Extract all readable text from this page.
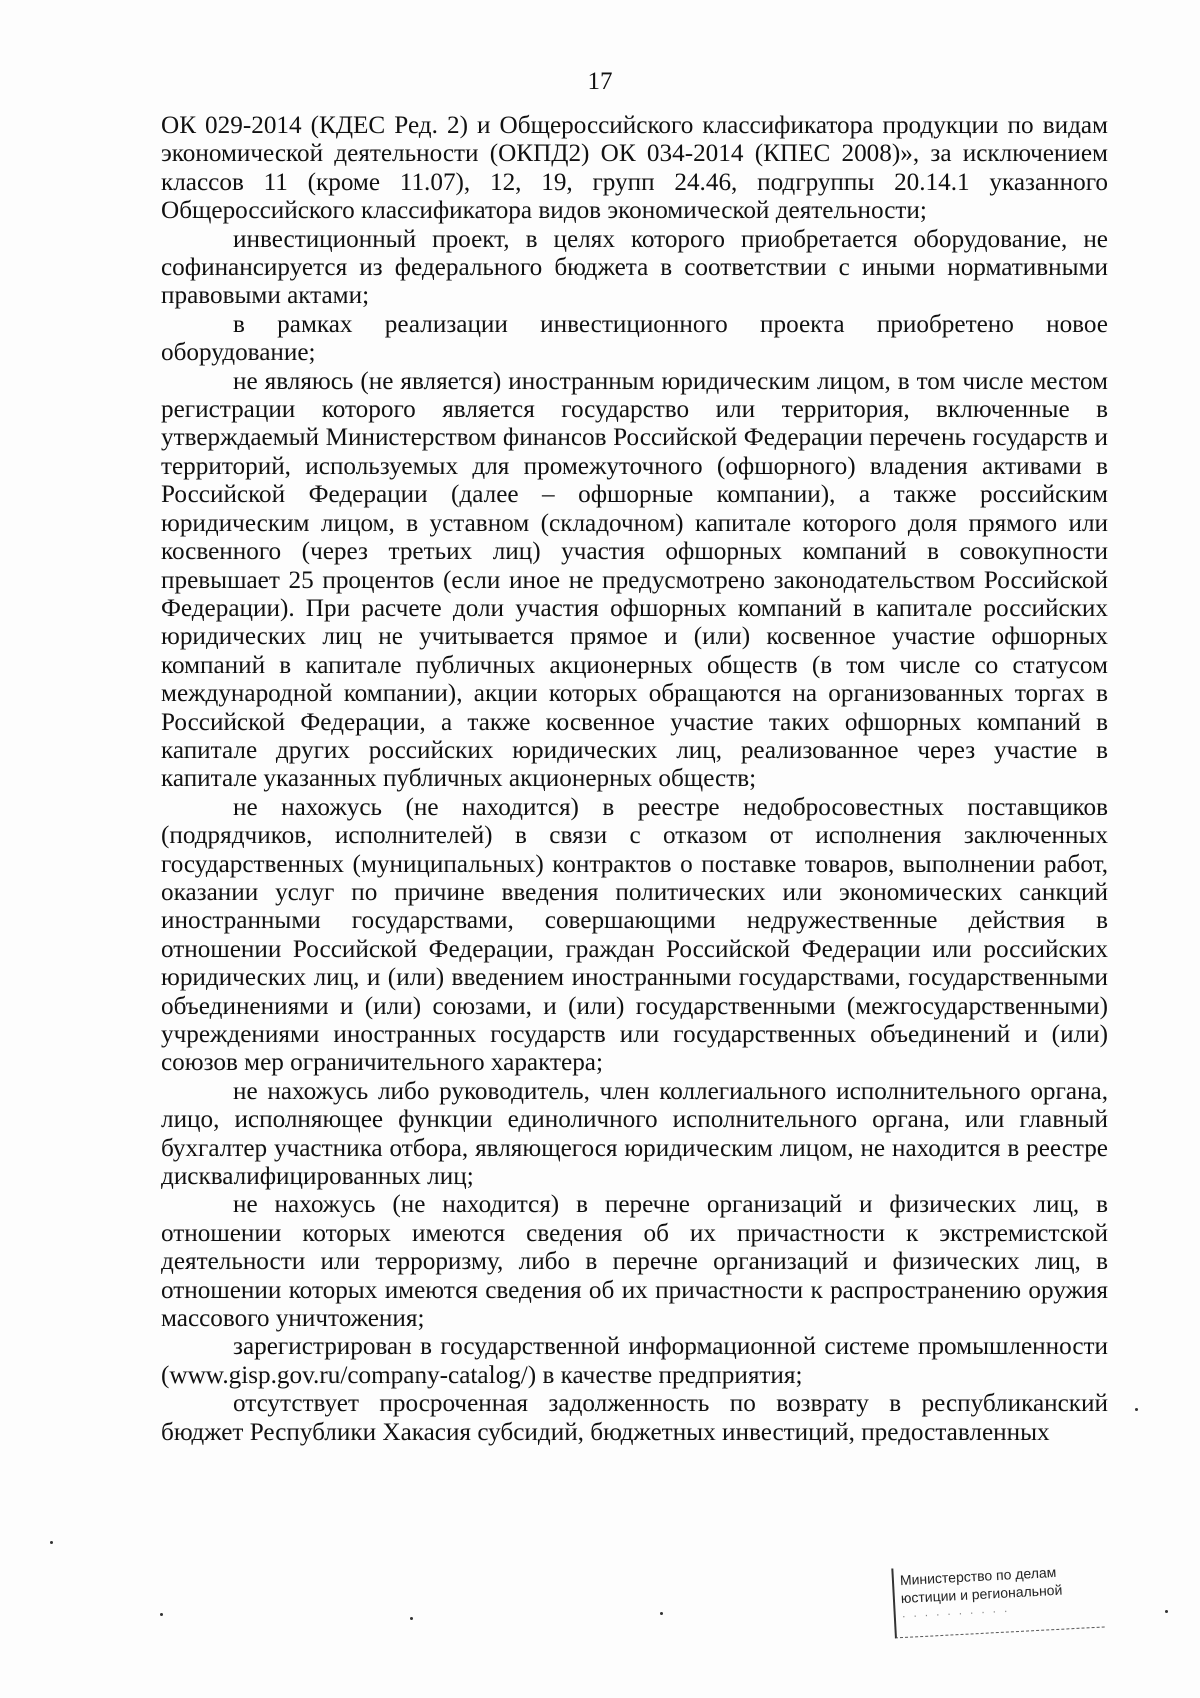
17

ОК 029-2014 (КДЕС Ред. 2) и Общероссийского классификатора продукции по видам экономической деятельности (ОКПД2) ОК 034-2014 (КПЕС 2008)», за исключением классов 11 (кроме 11.07), 12, 19, групп 24.46, подгруппы 20.14.1 указанного Общероссийского классификатора видов экономической деятельности;

инвестиционный проект, в целях которого приобретается оборудование, не софинансируется из федерального бюджета в соответствии с иными нормативными правовыми актами;

в рамках реализации инвестиционного проекта приобретено новое оборудование;

не являюсь (не является) иностранным юридическим лицом, в том числе местом регистрации которого является государство или территория, включенные в утверждаемый Министерством финансов Российской Федерации перечень государств и территорий, используемых для промежуточного (офшорного) владения активами в Российской Федерации (далее – офшорные компании), а также российским юридическим лицом, в уставном (складочном) капитале которого доля прямого или косвенного (через третьих лиц) участия офшорных компаний в совокупности превышает 25 процентов (если иное не предусмотрено законодательством Российской Федерации). При расчете доли участия офшорных компаний в капитале российских юридических лиц не учитывается прямое и (или) косвенное участие офшорных компаний в капитале публичных акционерных обществ (в том числе со статусом международной компании), акции которых обращаются на организованных торгах в Российской Федерации, а также косвенное участие таких офшорных компаний в капитале других российских юридических лиц, реализованное через участие в капитале указанных публичных акционерных обществ;

не нахожусь (не находится) в реестре недобросовестных поставщиков (подрядчиков, исполнителей) в связи с отказом от исполнения заключенных государственных (муниципальных) контрактов о поставке товаров, выполнении работ, оказании услуг по причине введения политических или экономических санкций иностранными государствами, совершающими недружественные действия в отношении Российской Федерации, граждан Российской Федерации или российских юридических лиц, и (или) введением иностранными государствами, государственными объединениями и (или) союзами, и (или) государственными (межгосударственными) учреждениями иностранных государств или государственных объединений и (или) союзов мер ограничительного характера;

не нахожусь либо руководитель, член коллегиального исполнительного органа, лицо, исполняющее функции единоличного исполнительного органа, или главный бухгалтер участника отбора, являющегося юридическим лицом, не находится в реестре дисквалифицированных лиц;

не нахожусь (не находится) в перечне организаций и физических лиц, в отношении которых имеются сведения об их причастности к экстремистской деятельности или терроризму, либо в перечне организаций и физических лиц, в отношении которых имеются сведения об их причастности к распространению оружия массового уничтожения;

зарегистрирован в государственной информационной системе промышленности (www.gisp.gov.ru/company-catalog/) в качестве предприятия;

отсутствует просроченная задолженность по возврату в республиканский бюджет Республики Хакасия субсидий, бюджетных инвестиций, предоставленных

Министерство по делам
юстиции и региональной
· · · · · · · · · ·
